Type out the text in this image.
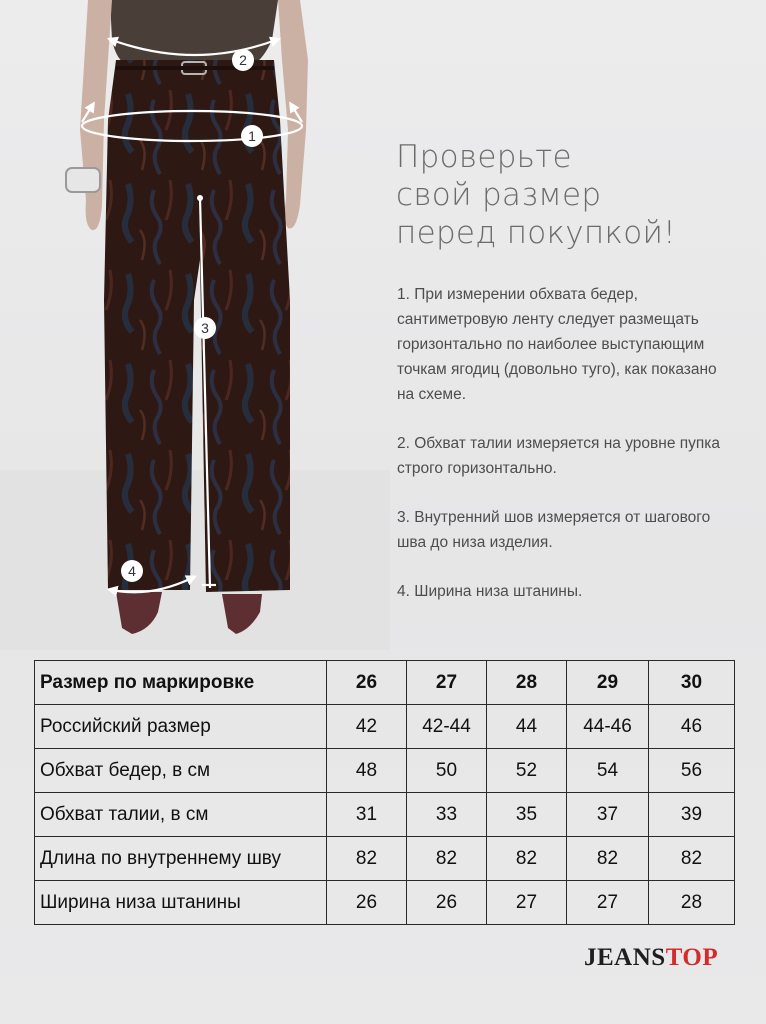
2
1
3
4
Проверьте
свой размер
перед покупкой!

1. При измерении обхвата бедер, сантиметровую ленту следует размещать горизонтально по наиболее выступающим точкам ягодиц (довольно туго), как показано на схеме.

2. Обхват талии измеряется на уровне пупка строго горизонтально.

3. Внутренний шов измеряется от шагового шва до низа изделия.

4. Ширина низа штанины.

Размер по маркировке	26	27	28	29	30
Российский размер	42	42-44	44	44-46	46
Обхват бедер, в см	48	50	52	54	56
Обхват талии, в см	31	33	35	37	39
Длина по внутреннему шву	82	82	82	82	82
Ширина низа штанины	26	26	27	27	28
JEANSTOP
